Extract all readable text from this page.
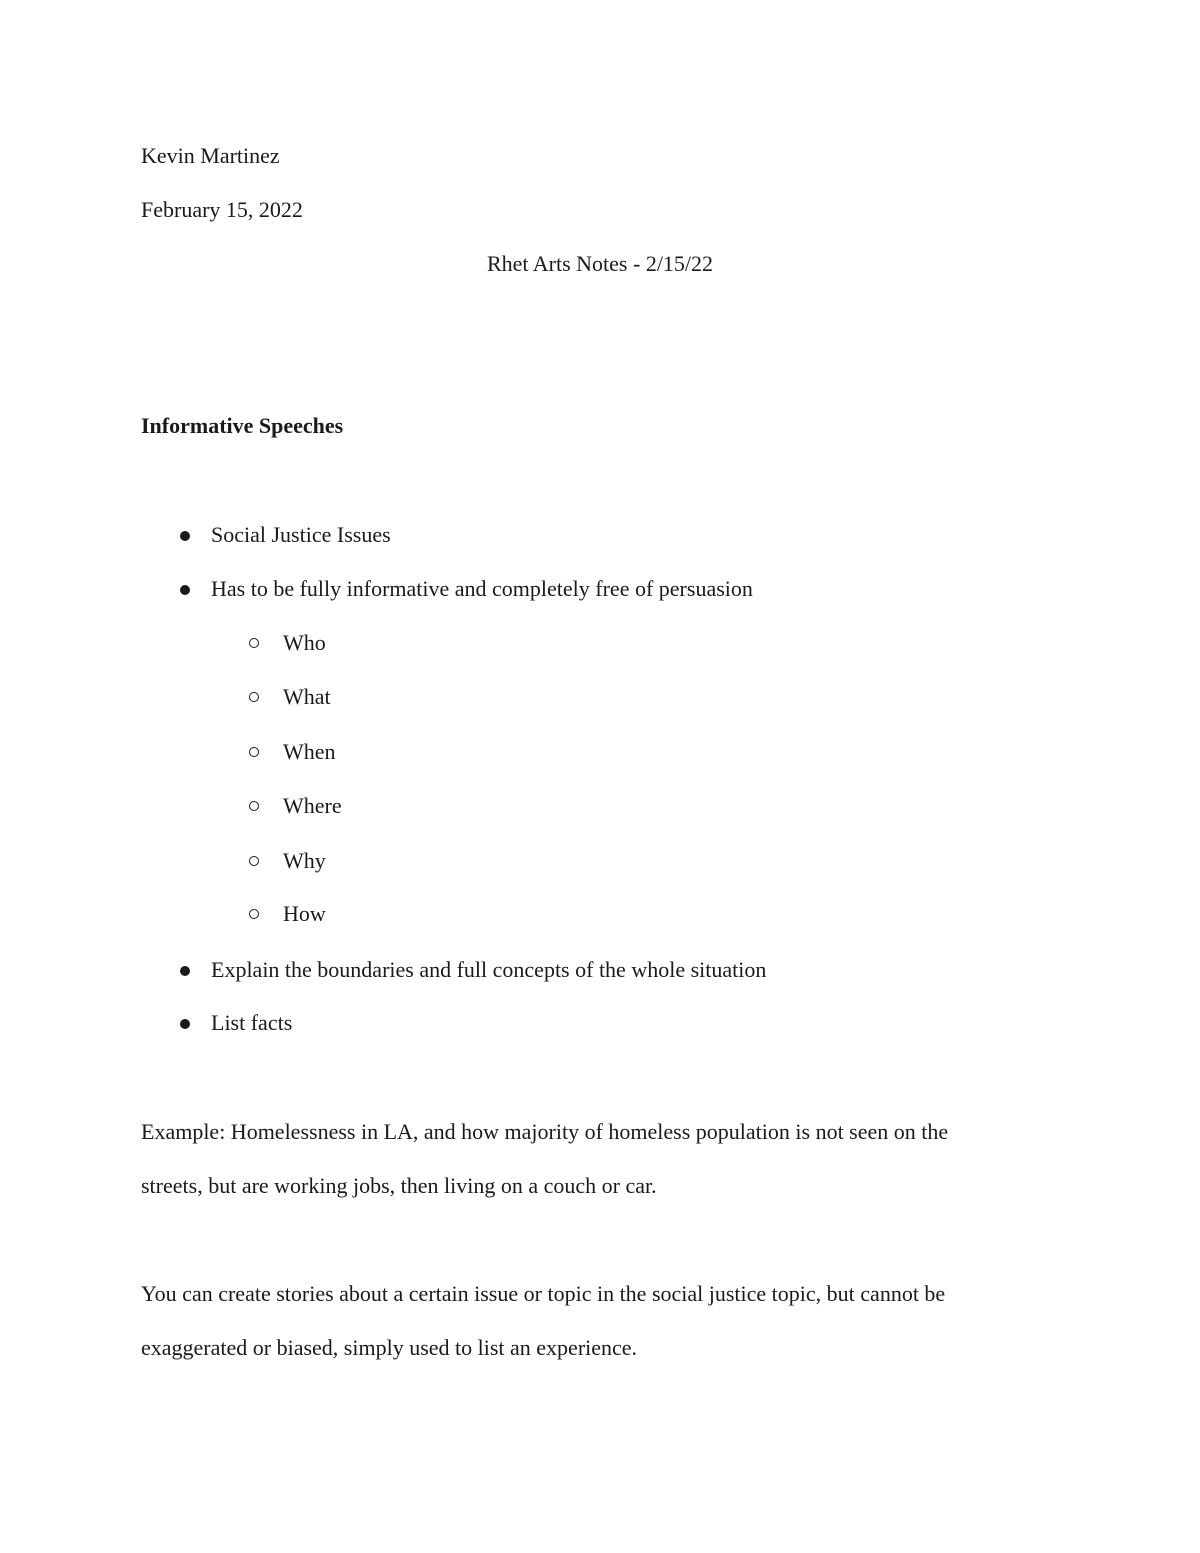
Kevin Martinez
February 15, 2022
Rhet Arts Notes - 2/15/22
Informative Speeches
Social Justice Issues
Has to be fully informative and completely free of persuasion
Who
What
When
Where
Why
How
Explain the boundaries and full concepts of the whole situation
List facts
Example: Homelessness in LA, and how majority of homeless population is not seen on the
streets, but are working jobs, then living on a couch or car.
You can create stories about a certain issue or topic in the social justice topic, but cannot be
exaggerated or biased, simply used to list an experience.
